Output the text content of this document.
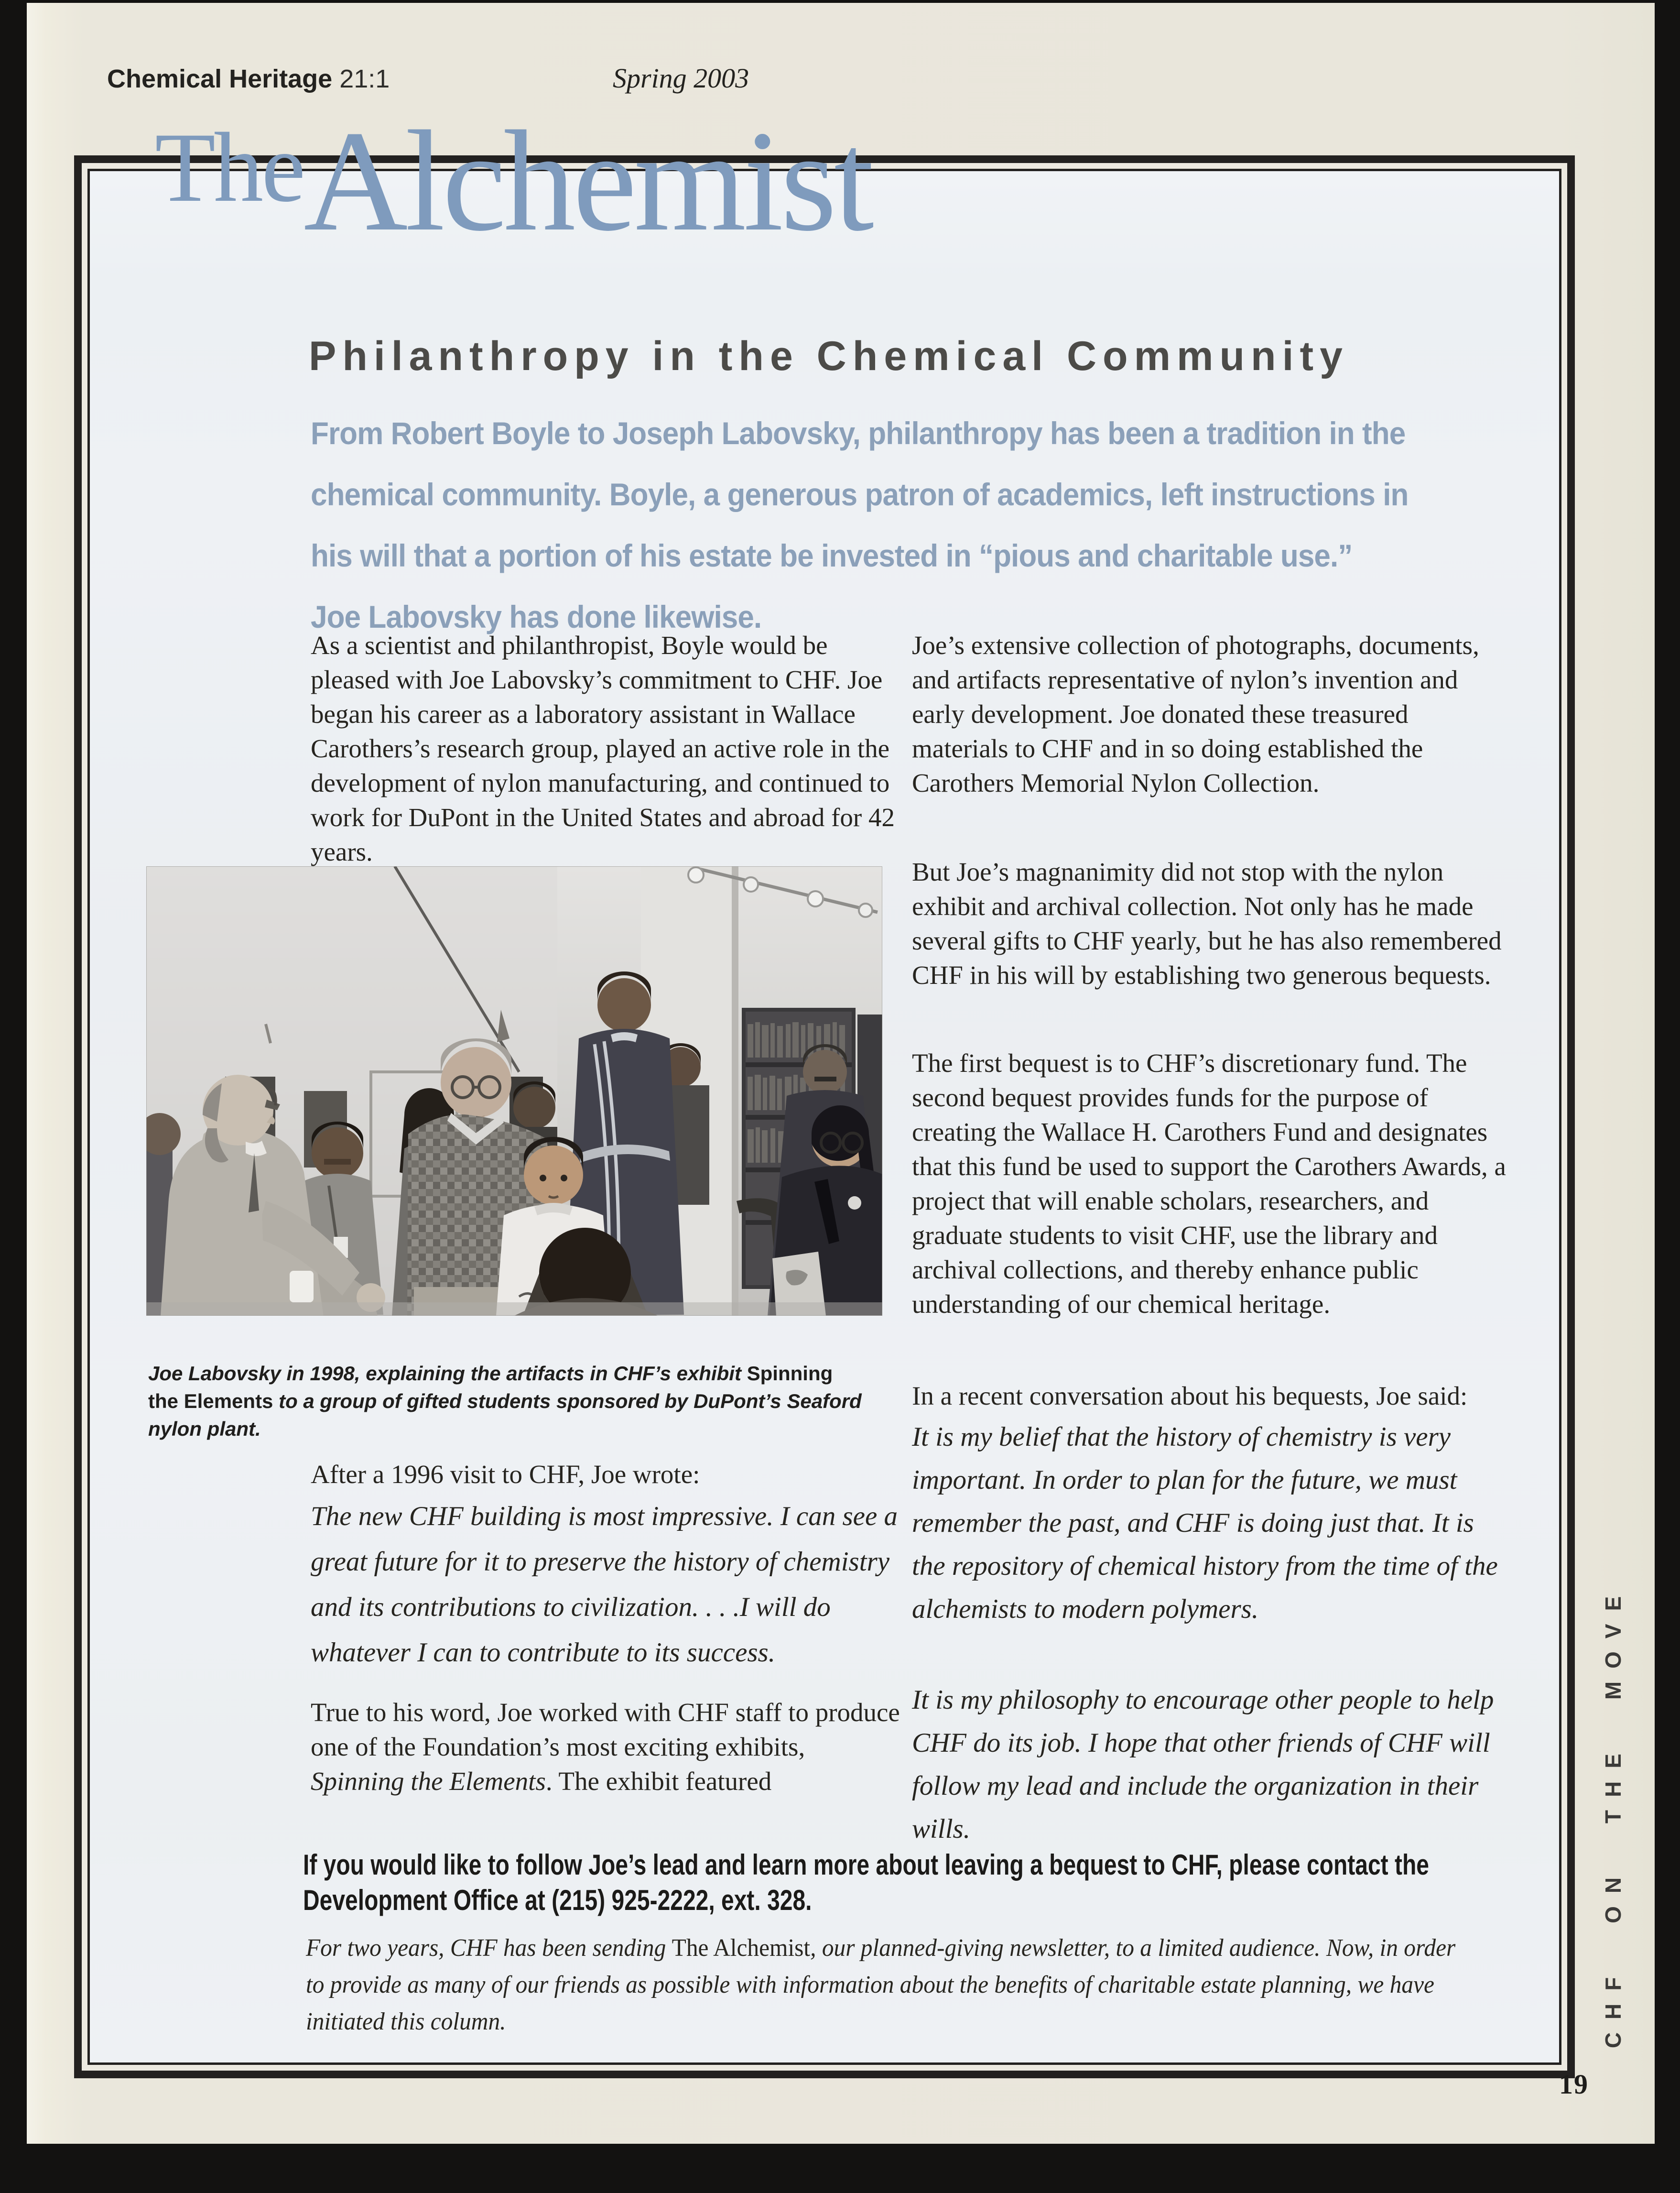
Chemical Heritage 21:1	Spring 2003
TheAlchemist
Philanthropy in the Chemical Community
From Robert Boyle to Joseph Labovsky, philanthropy has been a tradition in the
chemical community. Boyle, a generous patron of academics, left instructions in
his will that a portion of his estate be invested in “pious and charitable use.”
Joe Labovsky has done likewise.
As a scientist and philanthropist, Boyle would be pleased with Joe Labovsky’s commitment to CHF. Joe began his career as a laboratory assistant in Wallace Carothers’s research group, played an active role in the development of nylon manufacturing, and continued to work for DuPont in the United States and abroad for 42 years.
Joe Labovsky in 1998, explaining the artifacts in CHF’s exhibit Spinning the Elements to a group of gifted students sponsored by DuPont’s Seaford nylon plant.
After a 1996 visit to CHF, Joe wrote:
The new CHF building is most impressive. I can see a great future for it to preserve the history of chemistry and its contributions to civilization. . . .I will do whatever I can to contribute to its success.
True to his word, Joe worked with CHF staff to produce one of the Foundation’s most exciting exhibits, Spinning the Elements. The exhibit featured
Joe’s extensive collection of photographs, documents, and artifacts representative of nylon’s invention and early development. Joe donated these treasured materials to CHF and in so doing established the Carothers Memorial Nylon Collection.
But Joe’s magnanimity did not stop with the nylon exhibit and archival collection. Not only has he made several gifts to CHF yearly, but he has also remembered CHF in his will by establishing two generous bequests.
The first bequest is to CHF’s discretionary fund. The second bequest provides funds for the purpose of creating the Wallace H. Carothers Fund and designates that this fund be used to support the Carothers Awards, a project that will enable scholars, researchers, and graduate students to visit CHF, use the library and archival collections, and thereby enhance public understanding of our chemical heritage.
In a recent conversation about his bequests, Joe said:
It is my belief that the history of chemistry is very important. In order to plan for the future, we must remember the past, and CHF is doing just that. It is the repository of chemical history from the time of the alchemists to modern polymers.
It is my philosophy to encourage other people to help CHF do its job. I hope that other friends of CHF will follow my lead and include the organization in their wills.
If you would like to follow Joe’s lead and learn more about leaving a bequest to CHF, please contact the
Development Office at (215) 925-2222, ext. 328.
For two years, CHF has been sending The Alchemist, our planned-giving newsletter, to a limited audience. Now, in order
to provide as many of our friends as possible with information about the benefits of charitable estate planning, we have
initiated this column.	CHF ON THE MOVE
19
